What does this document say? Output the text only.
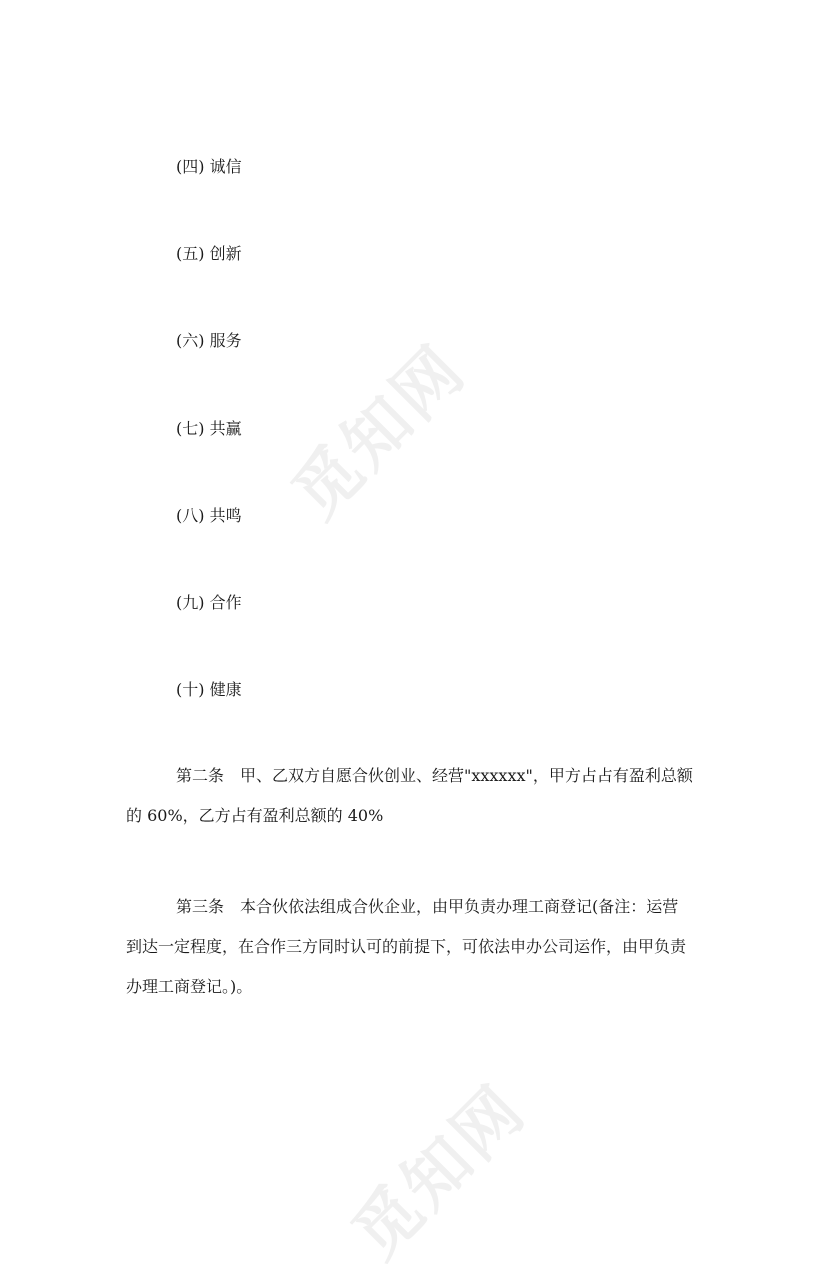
觅知网
觅知网
(四) 诚信
(五) 创新
(六) 服务
(七) 共赢
(八) 共鸣
(九) 合作
(十) 健康
第二条　甲、乙双方自愿合伙创业、经营"xxxxxx"，甲方占占有盈利总额
的 60%，乙方占有盈利总额的 40%
第三条　本合伙依法组成合伙企业，由甲负责办理工商登记(备注：运营
到达一定程度，在合作三方同时认可的前提下，可依法申办公司运作，由甲负责
办理工商登记。)。
